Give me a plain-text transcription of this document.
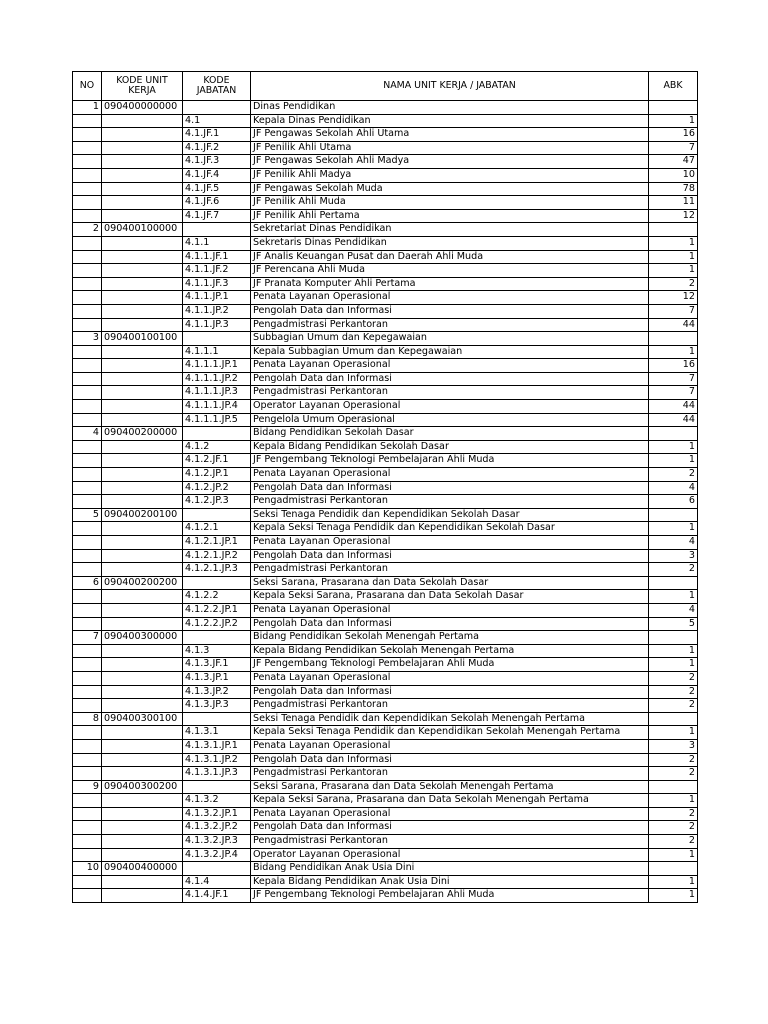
NO	KODE UNIT KERJA	KODE JABATAN	NAMA UNIT KERJA / JABATAN	ABK
1	090400000000		Dinas Pendidikan	
		4.1	Kepala Dinas Pendidikan	1
		4.1.JF.1	JF Pengawas Sekolah Ahli Utama	16
		4.1.JF.2	JF Penilik Ahli Utama	7
		4.1.JF.3	JF Pengawas Sekolah Ahli Madya	47
		4.1.JF.4	JF Penilik Ahli Madya	10
		4.1.JF.5	JF Pengawas Sekolah Muda	78
		4.1.JF.6	JF Penilik Ahli Muda	11
		4.1.JF.7	JF Penilik Ahli Pertama	12
2	090400100000		Sekretariat Dinas Pendidikan	
		4.1.1	Sekretaris Dinas Pendidikan	1
		4.1.1.JF.1	JF Analis Keuangan Pusat dan Daerah Ahli Muda	1
		4.1.1.JF.2	JF Perencana Ahli Muda	1
		4.1.1.JF.3	JF Pranata Komputer Ahli Pertama	2
		4.1.1.JP.1	Penata Layanan Operasional	12
		4.1.1.JP.2	Pengolah Data dan Informasi	7
		4.1.1.JP.3	Pengadmistrasi Perkantoran	44
3	090400100100		Subbagian Umum dan Kepegawaian	
		4.1.1.1	Kepala Subbagian Umum dan Kepegawaian	1
		4.1.1.1.JP.1	Penata Layanan Operasional	16
		4.1.1.1.JP.2	Pengolah Data dan Informasi	7
		4.1.1.1.JP.3	Pengadmistrasi Perkantoran	7
		4.1.1.1.JP.4	Operator Layanan Operasional	44
		4.1.1.1.JP.5	Pengelola Umum Operasional	44
4	090400200000		Bidang Pendidikan Sekolah Dasar	
		4.1.2	Kepala Bidang Pendidikan Sekolah Dasar	1
		4.1.2.JF.1	JF Pengembang Teknologi Pembelajaran Ahli Muda	1
		4.1.2.JP.1	Penata Layanan Operasional	2
		4.1.2.JP.2	Pengolah Data dan Informasi	4
		4.1.2.JP.3	Pengadmistrasi Perkantoran	6
5	090400200100		Seksi Tenaga Pendidik dan Kependidikan Sekolah Dasar	
		4.1.2.1	Kepala Seksi Tenaga Pendidik dan Kependidikan Sekolah Dasar	1
		4.1.2.1.JP.1	Penata Layanan Operasional	4
		4.1.2.1.JP.2	Pengolah Data dan Informasi	3
		4.1.2.1.JP.3	Pengadmistrasi Perkantoran	2
6	090400200200		Seksi Sarana, Prasarana dan Data Sekolah Dasar	
		4.1.2.2	Kepala Seksi Sarana, Prasarana dan Data Sekolah Dasar	1
		4.1.2.2.JP.1	Penata Layanan Operasional	4
		4.1.2.2.JP.2	Pengolah Data dan Informasi	5
7	090400300000		Bidang Pendidikan Sekolah Menengah Pertama	
		4.1.3	Kepala Bidang Pendidikan Sekolah Menengah Pertama	1
		4.1.3.JF.1	JF Pengembang Teknologi Pembelajaran Ahli Muda	1
		4.1.3.JP.1	Penata Layanan Operasional	2
		4.1.3.JP.2	Pengolah Data dan Informasi	2
		4.1.3.JP.3	Pengadmistrasi Perkantoran	2
8	090400300100		Seksi Tenaga Pendidik dan Kependidikan Sekolah Menengah Pertama	
		4.1.3.1	Kepala Seksi Tenaga Pendidik dan Kependidikan Sekolah Menengah Pertama	1
		4.1.3.1.JP.1	Penata Layanan Operasional	3
		4.1.3.1.JP.2	Pengolah Data dan Informasi	2
		4.1.3.1.JP.3	Pengadmistrasi Perkantoran	2
9	090400300200		Seksi Sarana, Prasarana dan Data Sekolah Menengah Pertama	
		4.1.3.2	Kepala Seksi Sarana, Prasarana dan Data Sekolah Menengah Pertama	1
		4.1.3.2.JP.1	Penata Layanan Operasional	2
		4.1.3.2.JP.2	Pengolah Data dan Informasi	2
		4.1.3.2.JP.3	Pengadmistrasi Perkantoran	2
		4.1.3.2.JP.4	Operator Layanan Operasional	1
10	090400400000		Bidang Pendidikan Anak Usia Dini	
		4.1.4	Kepala Bidang Pendidikan Anak Usia Dini	1
		4.1.4.JF.1	JF Pengembang Teknologi Pembelajaran Ahli Muda	1
